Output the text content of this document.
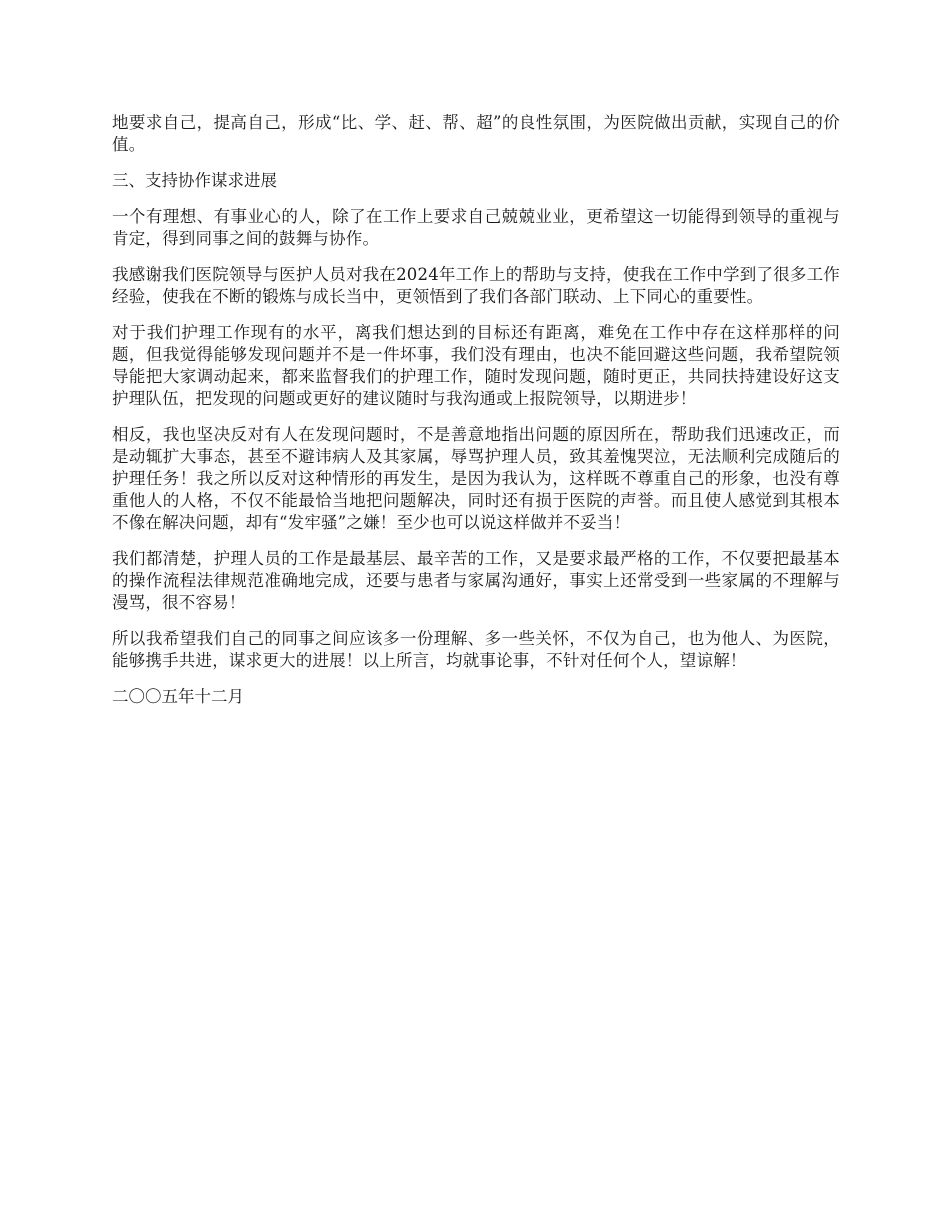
地要求自己，提高自己，形成“比、学、赶、帮、超”的良性氛围，为医院做出贡献，实现自己的价值。

三、支持协作谋求进展

一个有理想、有事业心的人，除了在工作上要求自己兢兢业业，更希望这一切能得到领导的重视与肯定，得到同事之间的鼓舞与协作。

我感谢我们医院领导与医护人员对我在2024年工作上的帮助与支持，使我在工作中学到了很多工作经验，使我在不断的锻炼与成长当中，更领悟到了我们各部门联动、上下同心的重要性。

对于我们护理工作现有的水平，离我们想达到的目标还有距离，难免在工作中存在这样那样的问题，但我觉得能够发现问题并不是一件坏事，我们没有理由，也决不能回避这些问题，我希望院领导能把大家调动起来，都来监督我们的护理工作，随时发现问题，随时更正，共同扶持建设好这支护理队伍，把发现的问题或更好的建议随时与我沟通或上报院领导，以期进步！

相反，我也坚决反对有人在发现问题时，不是善意地指出问题的原因所在，帮助我们迅速改正，而是动辄扩大事态，甚至不避讳病人及其家属，辱骂护理人员，致其羞愧哭泣，无法顺利完成随后的护理任务！我之所以反对这种情形的再发生，是因为我认为，这样既不尊重自己的形象，也没有尊重他人的人格，不仅不能最恰当地把问题解决，同时还有损于医院的声誉。而且使人感觉到其根本不像在解决问题，却有“发牢骚”之嫌！至少也可以说这样做并不妥当！

我们都清楚，护理人员的工作是最基层、最辛苦的工作，又是要求最严格的工作，不仅要把最基本的操作流程法律规范准确地完成，还要与患者与家属沟通好，事实上还常受到一些家属的不理解与漫骂，很不容易！

所以我希望我们自己的同事之间应该多一份理解、多一些关怀，不仅为自己，也为他人、为医院，能够携手共进，谋求更大的进展！以上所言，均就事论事，不针对任何个人，望谅解！

二〇〇五年十二月
